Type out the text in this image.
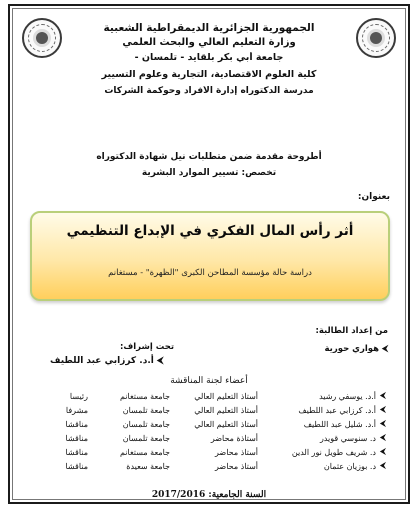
الجمهورية الجزائرية الديمقراطية الشعبية
وزارة التعليم العالي والبحث العلمي
جامعة أبي بكر بلقايد - تلمسان -
كلية العلوم الاقتصادية، التجارية وعلوم التسيير
مدرسة الدكتوراه إدارة الأفراد وحوكمة الشركات
أطروحة مقدمة ضمن متطلبات نيل شهادة الدكتوراه
تخصص: تسيير الموارد البشرية
بعنوان:
أثر رأس المال الفكري في الإبداع التنظيمي
دراسة حالة مؤسسة المطاحن الكبرى "الظهرة" - مستغانم
من إعداد الطالبة:
⮜ هواري حورية
تحت إشراف:
⮜ أ.د. كرزابي عبد اللطيف
أعضاء لجنة المناقشة
⮜	أ.د. يوسفي رشيد	أستاذ التعليم العالي	جامعة مستغانم	رئيسا
⮜	أ.د. كرزابي عبد اللطيف	أستاذ التعليم العالي	جامعة تلمسان	مشرفا
⮜	أ.د. شليل عبد اللطيف	أستاذ التعليم العالي	جامعة تلمسان	مناقشا
⮜	د. سنوسي قويدر	أستاذة محاضر	جامعة تلمسان	مناقشا
⮜	د. شريف طويل نور الدين	أستاذ محاضر	جامعة مستغانم	مناقشا
⮜	د. بوزيان عثمان	أستاذ محاضر	جامعة سعيدة	مناقشا
السنة الجامعية: 2017/2016
